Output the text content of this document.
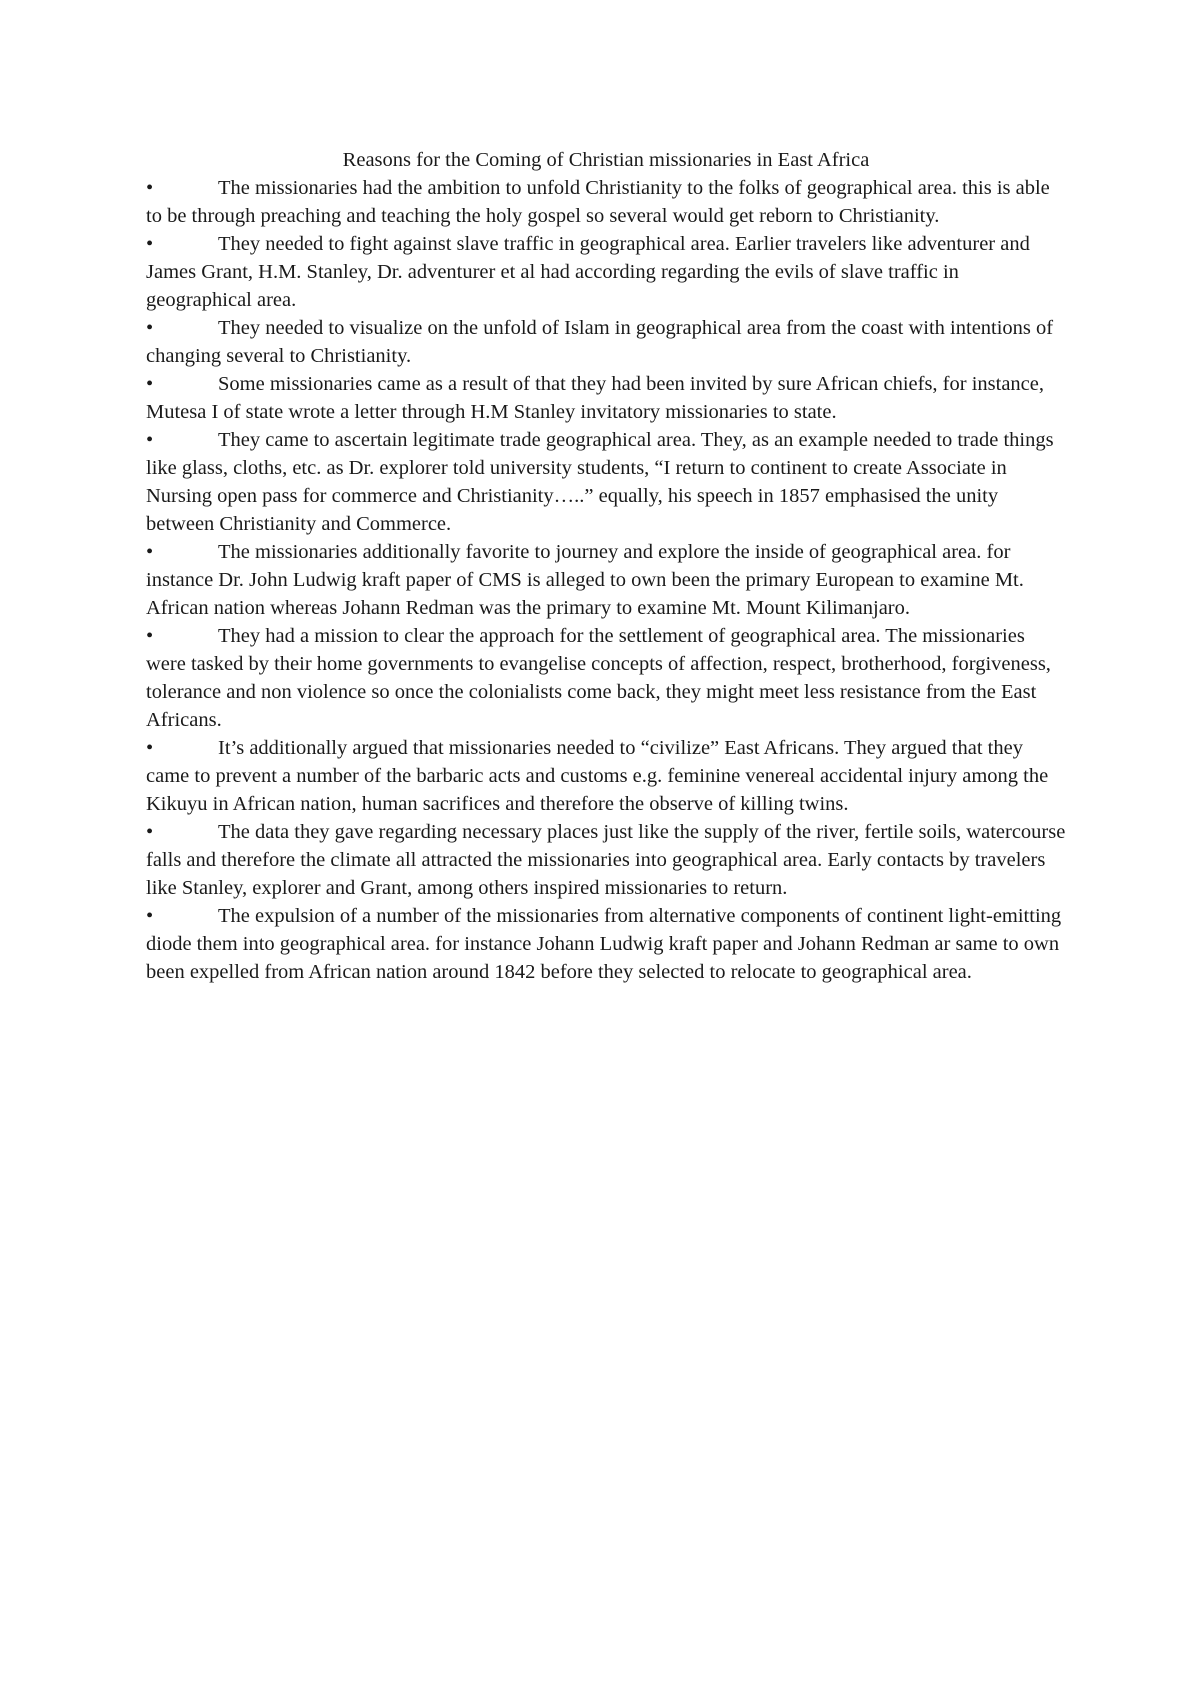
Reasons for the Coming of Christian missionaries in East Africa
•	The missionaries had the ambition to unfold Christianity to the folks of geographical area. this is able to be through preaching and teaching the holy gospel so several would get reborn to Christianity.
•	They needed to fight against slave traffic in geographical area. Earlier travelers like adventurer and James Grant, H.M. Stanley, Dr. adventurer et al had according regarding the evils of slave traffic in geographical area.
•	They needed to visualize on the unfold of Islam in geographical area from the coast with intentions of changing several to Christianity.
•	Some missionaries came as a result of that they had been invited by sure African chiefs, for instance, Mutesa I of state wrote a letter through H.M Stanley invitatory missionaries to state.
•	They came to ascertain legitimate trade geographical area. They, as an example needed to trade things like glass, cloths, etc. as Dr. explorer told university students, “I return to continent to create Associate in Nursing open pass for commerce and Christianity…..” equally, his speech in 1857 emphasised the unity between Christianity and Commerce.
•	The missionaries additionally favorite to journey and explore the inside of geographical area. for instance Dr. John Ludwig kraft paper of CMS is alleged to own been the primary European to examine Mt. African nation whereas Johann Redman was the primary to examine Mt. Mount Kilimanjaro.
•	They had a mission to clear the approach for the settlement of geographical area. The missionaries were tasked by their home governments to evangelise concepts of affection, respect, brotherhood, forgiveness, tolerance and non violence so once the colonialists come back, they might meet less resistance from the East Africans.
•	It’s additionally argued that missionaries needed to “civilize” East Africans. They argued that they came to prevent a number of the barbaric acts and customs e.g. feminine venereal accidental injury among the Kikuyu in African nation, human sacrifices and therefore the observe of killing twins.
•	The data they gave regarding necessary places just like the supply of the river, fertile soils, watercourse falls and therefore the climate all attracted the missionaries into geographical area. Early contacts by travelers like Stanley, explorer and Grant, among others inspired missionaries to return.
•	The expulsion of a number of the missionaries from alternative components of continent light-emitting diode them into geographical area. for instance Johann Ludwig kraft paper and Johann Redman ar same to own been expelled from African nation around 1842 before they selected to relocate to geographical area.
